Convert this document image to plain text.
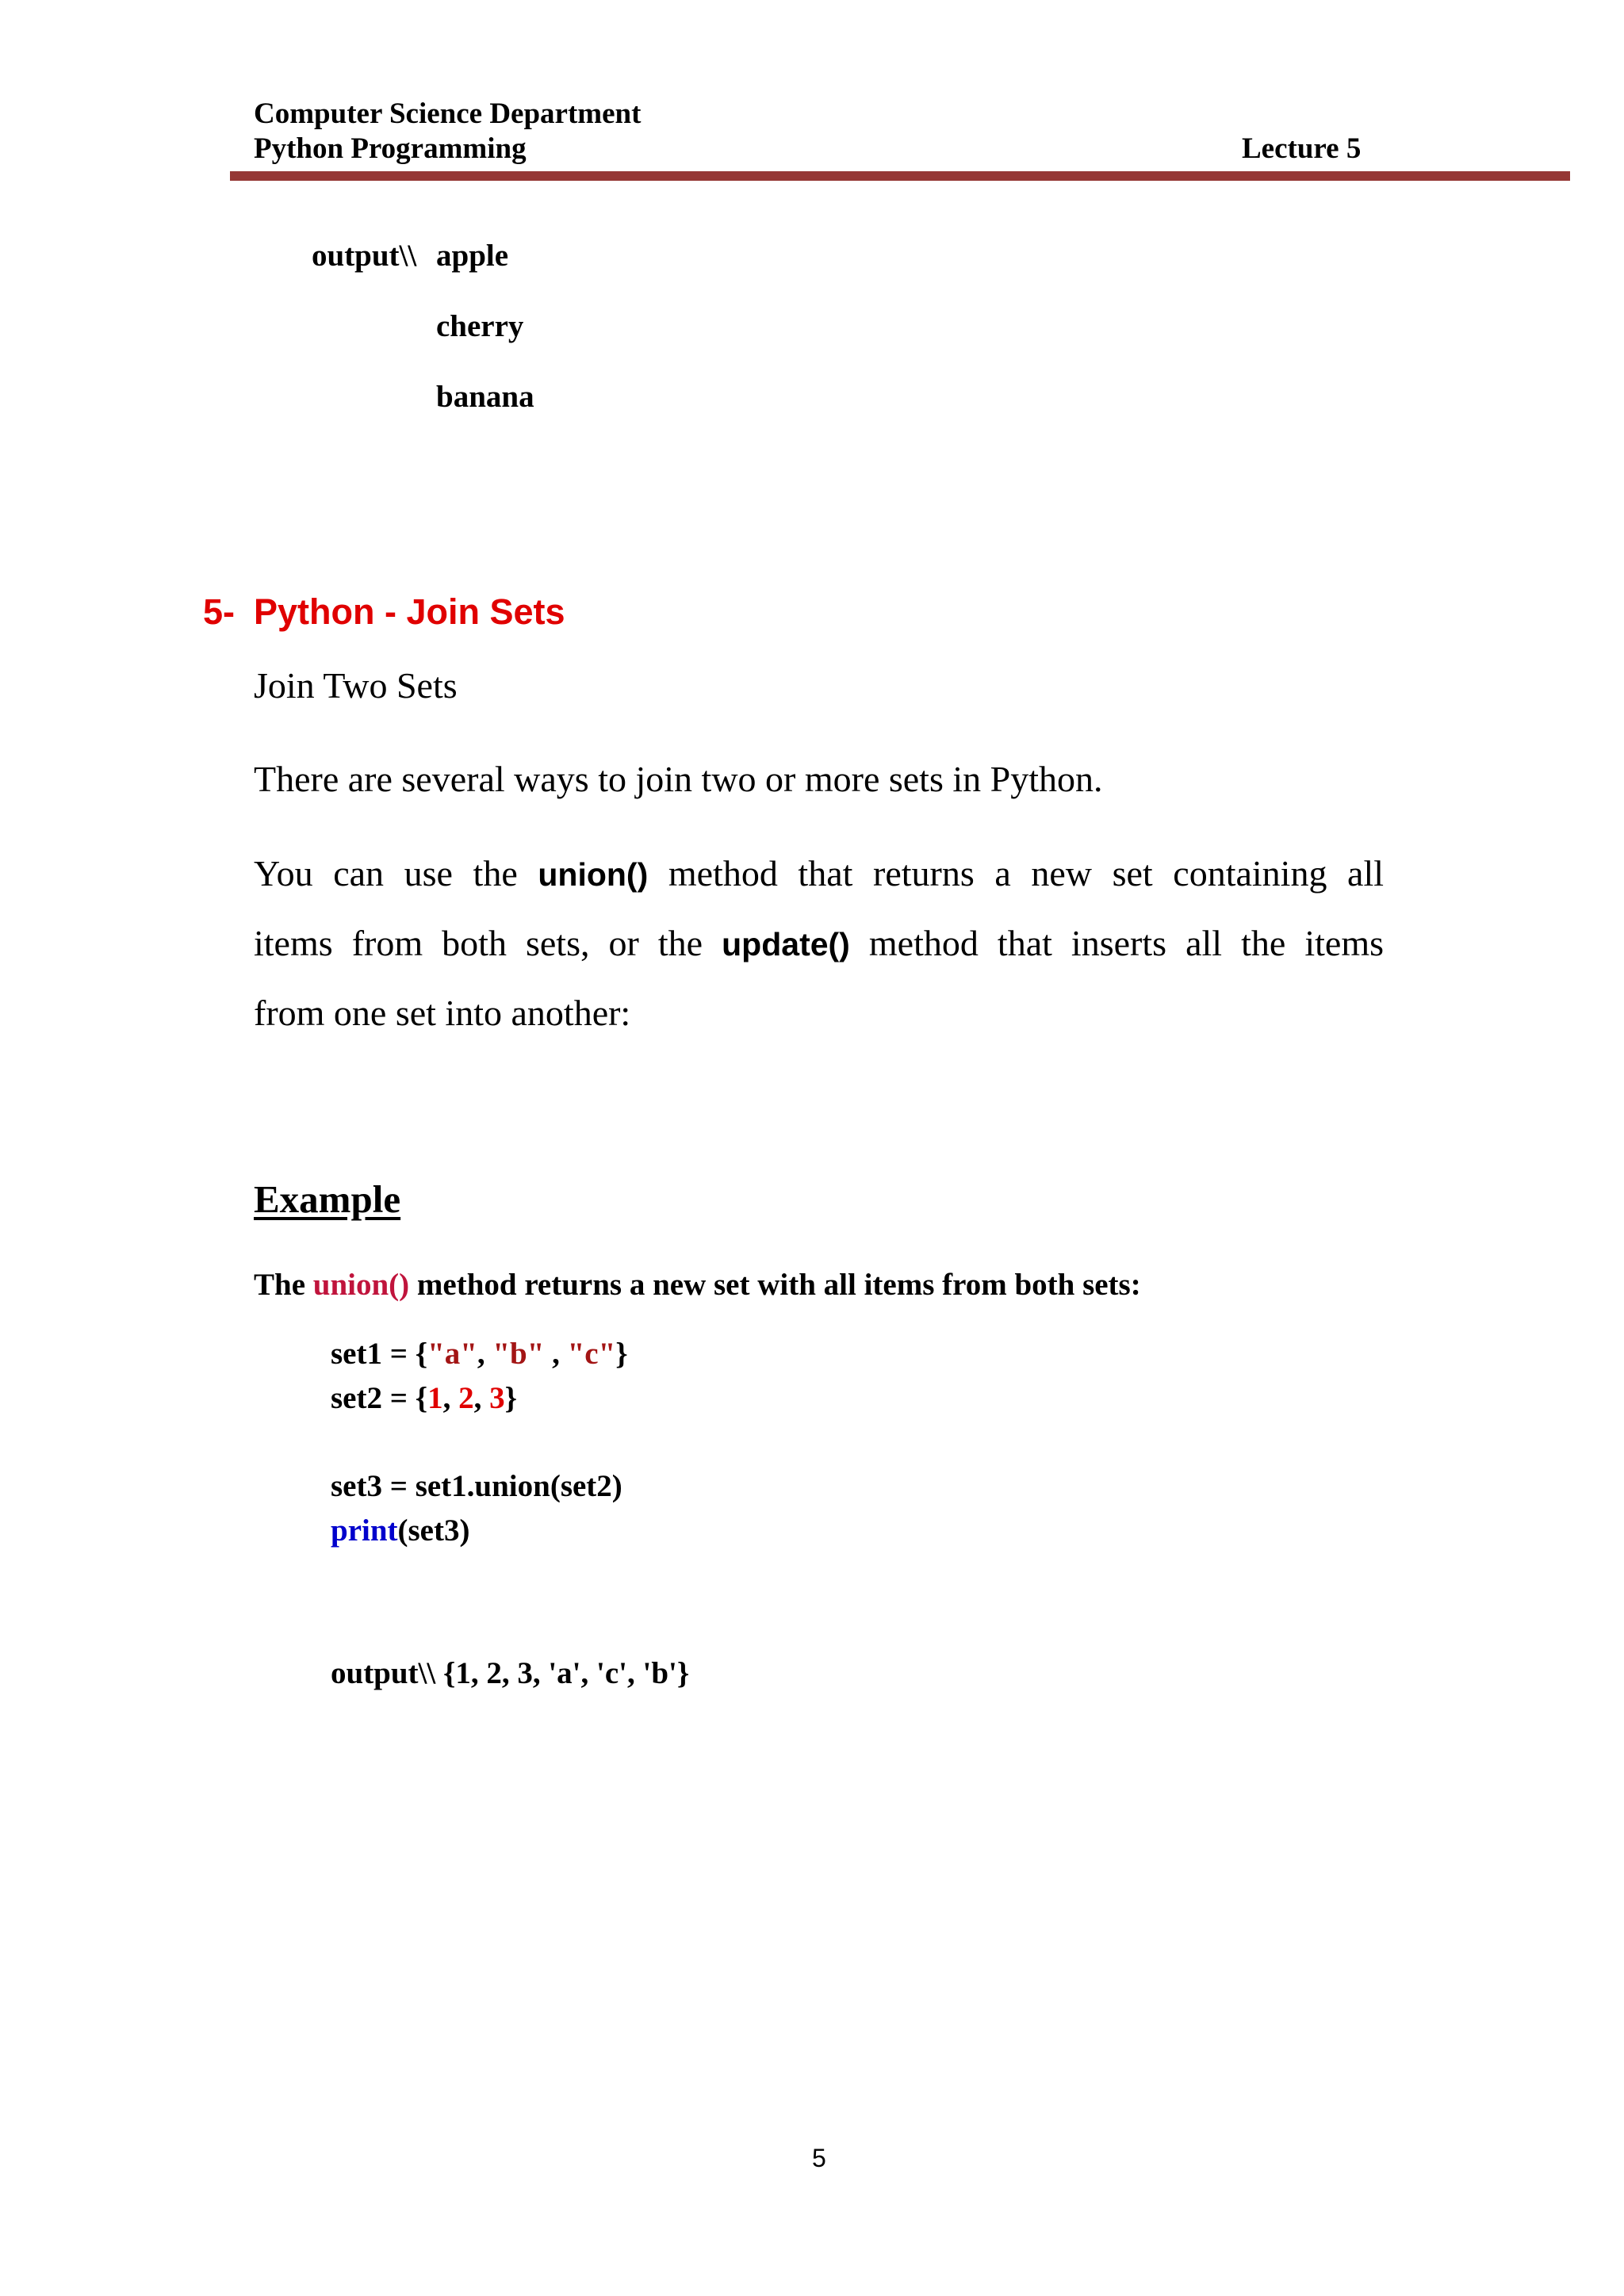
Computer Science Department
Python Programming	Lecture 5
output\\ apple
cherry
banana
5- Python - Join Sets
Join Two Sets
There are several ways to join two or more sets in Python.
You can use the union() method that returns a new set containing all
items from both sets, or the update() method that inserts all the items
from one set into another:
Example
The union() method returns a new set with all items from both sets:
set1 = {"a", "b" , "c"}
set2 = {1, 2, 3}
set3 = set1.union(set2)
print(set3)
output\\ {1, 2, 3, 'a', 'c', 'b'}
5
